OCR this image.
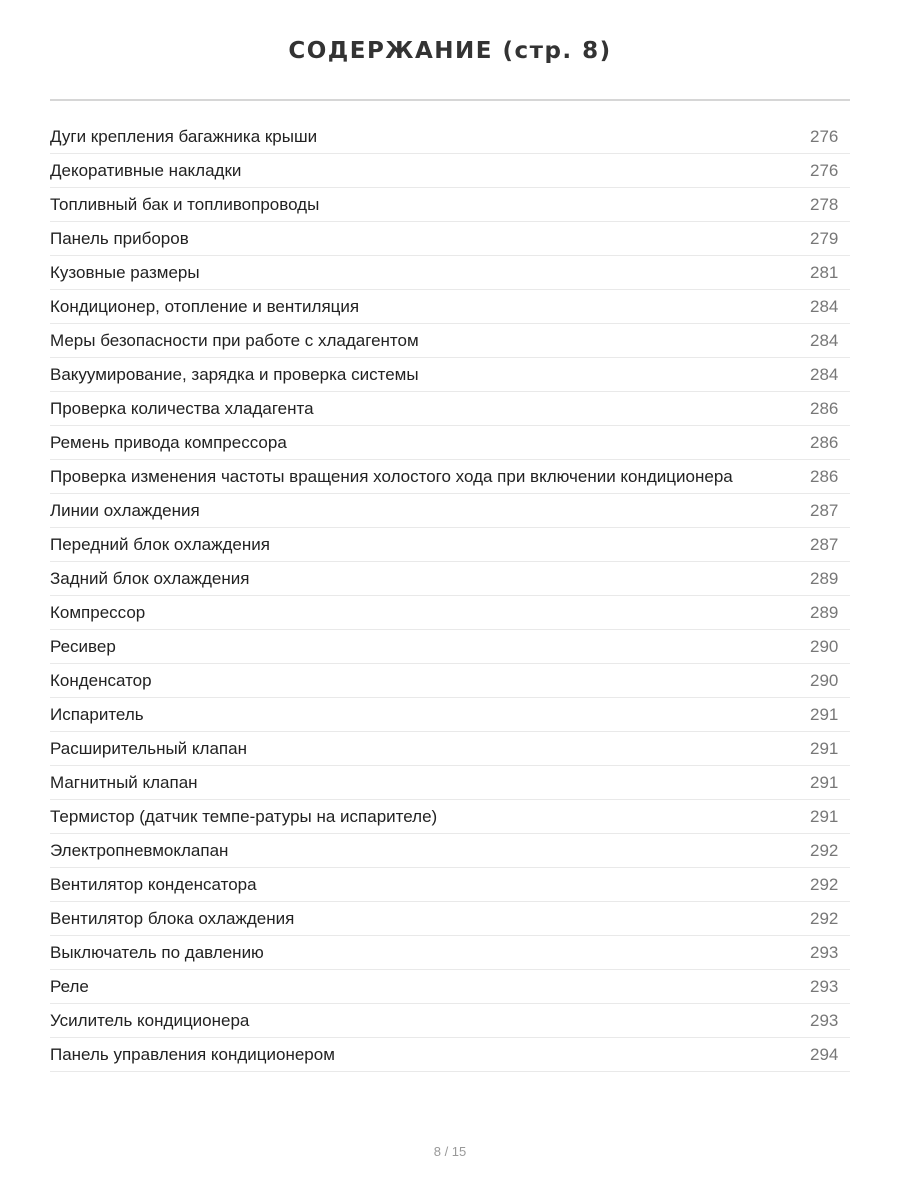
СОДЕРЖАНИЕ (стр. 8)
Дуги крепления багажника крыши	276
Декоративные накладки	276
Топливный бак и топливопроводы	278
Панель приборов	279
Кузовные размеры	281
Кондиционер, отопление и вентиляция	284
Меры безопасности при работе с хладагентом	284
Вакуумирование, зарядка и проверка системы	284
Проверка количества хладагента	286
Ремень привода компрессора	286
Проверка изменения частоты вращения холостого хода при включении кондиционера	286
Линии охлаждения	287
Передний блок охлаждения	287
Задний блок охлаждения	289
Компрессор	289
Ресивер	290
Конденсатор	290
Испаритель	291
Расширительный клапан	291
Магнитный клапан	291
Термистор (датчик темпе-ратуры на испарителе)	291
Электропневмоклапан	292
Вентилятор конденсатора	292
Вентилятор блока охлаждения	292
Выключатель по давлению	293
Реле	293
Усилитель кондиционера	293
Панель управления кондиционером	294
8 / 15
